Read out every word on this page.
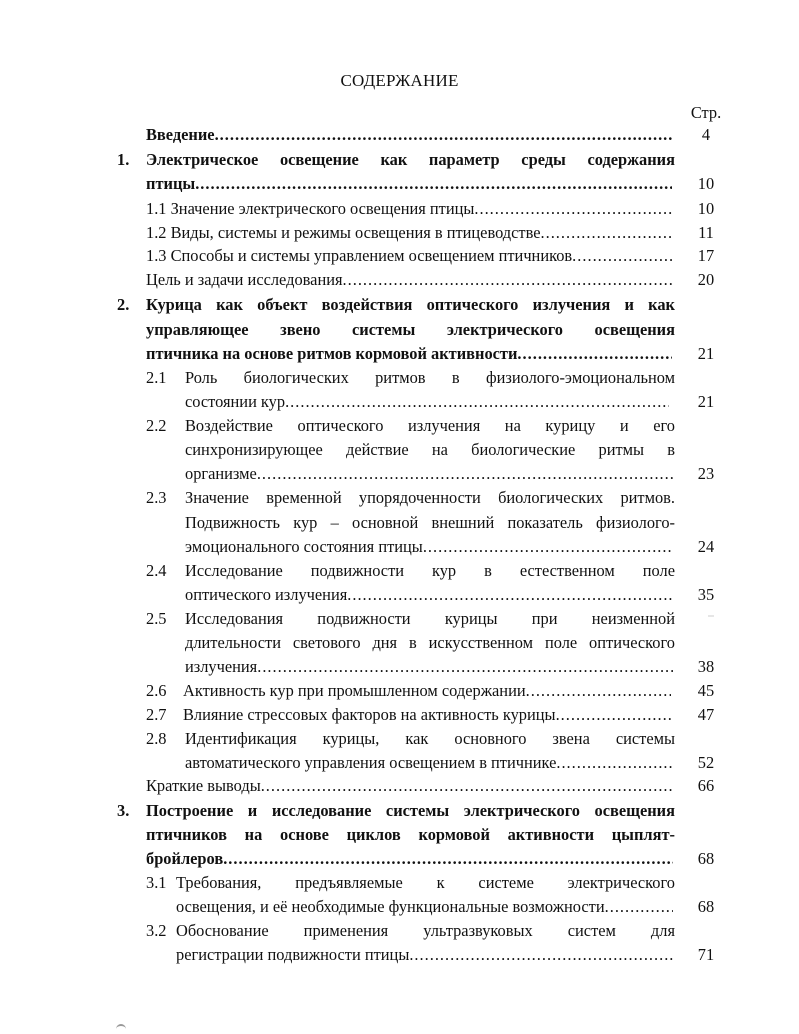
СОДЕРЖАНИЕ
Стр.
Введение .....	4
1. Электрическое освещение как параметр среды содержания
птицы .....	10
1.1 Значение электрического освещения птицы .....	10
1.2 Виды, системы и режимы освещения в птицеводстве .....	11
1.3 Способы и системы управлением освещением птичников .....	17
Цель и задачи исследования .....	20
2. Курица как объект воздействия оптического излучения и как
управляющее звено системы электрического освещения
птичника на основе ритмов кормовой активности .....	21
2.1 Роль биологических ритмов в физиолого-эмоциональном
состоянии кур .....	21
2.2 Воздействие оптического излучения на курицу и его
синхронизирующее действие на биологические ритмы в
организме .....	23
2.3 Значение временной упорядоченности биологических ритмов.
Подвижность кур – основной внешний показатель физиолого-
эмоционального состояния птицы .....	24
2.4 Исследование подвижности кур в естественном поле
оптического излучения .....	35
2.5 Исследования подвижности курицы при неизменной
длительности светового дня в искусственном поле оптического
излучения .....	38
2.6 Активность кур при промышленном содержании .....	45
2.7 Влияние стрессовых факторов на активность курицы .....	47
2.8 Идентификация курицы, как основного звена системы
автоматического управления освещением в птичнике .....	52
Краткие выводы .....	66
3. Построение и исследование системы электрического освещения
птичников на основе циклов кормовой активности цыплят-
бройлеров .....	68
3.1 Требования, предъявляемые к системе электрического
освещения, и её необходимые функциональные возможности .....	68
3.2 Обоснование применения ультразвуковых систем для
регистрации подвижности птицы .....	71
